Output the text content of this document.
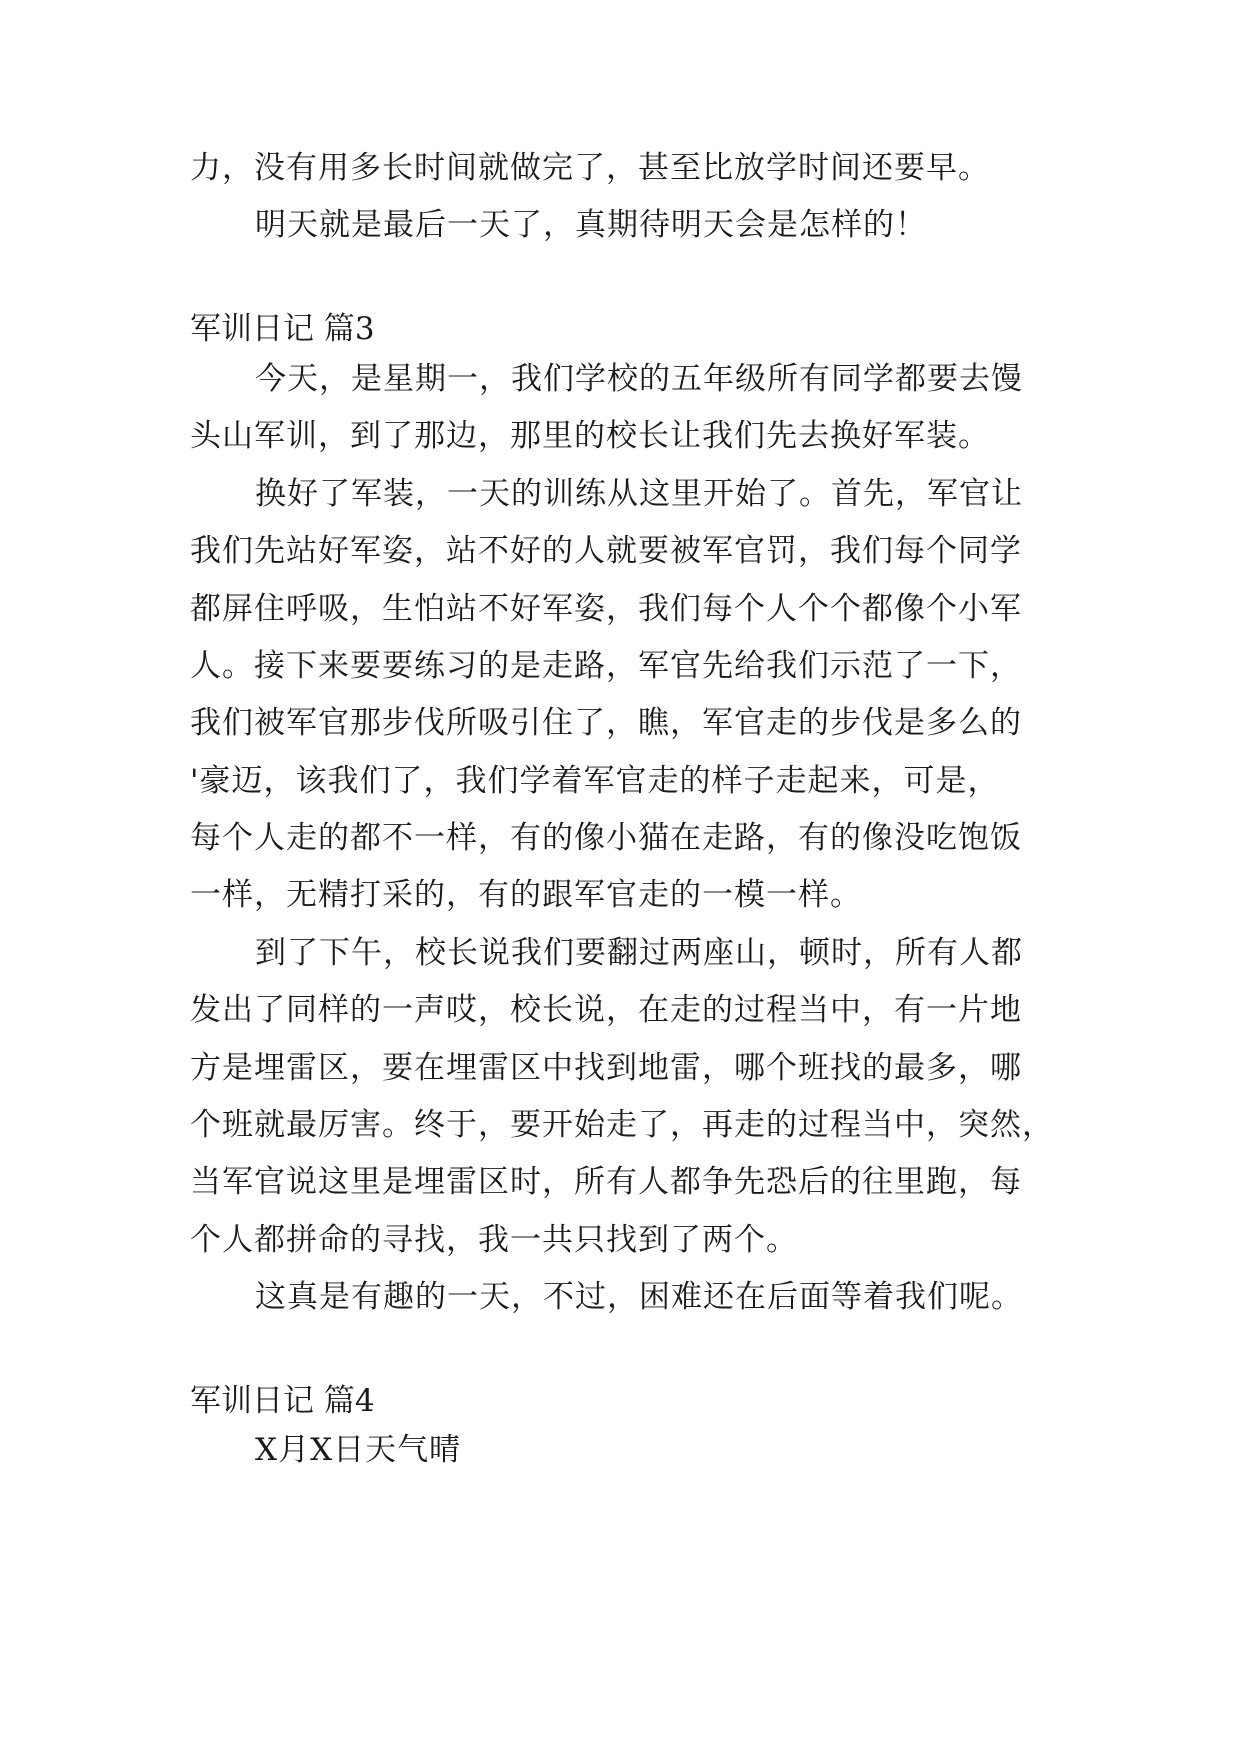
力，没有用多长时间就做完了，甚至比放学时间还要早。
明天就是最后一天了，真期待明天会是怎样的！
军训日记 篇3
今天，是星期一，我们学校的五年级所有同学都要去馒
头山军训，到了那边，那里的校长让我们先去换好军装。
换好了军装，一天的训练从这里开始了。首先，军官让
我们先站好军姿，站不好的人就要被军官罚，我们每个同学
都屏住呼吸，生怕站不好军姿，我们每个人个个都像个小军
人。接下来要要练习的是走路，军官先给我们示范了一下，
我们被军官那步伐所吸引住了，瞧，军官走的步伐是多么的
'豪迈，该我们了，我们学着军官走的样子走起来，可是，
每个人走的都不一样，有的像小猫在走路，有的像没吃饱饭
一样，无精打采的，有的跟军官走的一模一样。
到了下午，校长说我们要翻过两座山，顿时，所有人都
发出了同样的一声哎，校长说，在走的过程当中，有一片地
方是埋雷区，要在埋雷区中找到地雷，哪个班找的最多，哪
个班就最厉害。终于，要开始走了，再走的过程当中，突然，
当军官说这里是埋雷区时，所有人都争先恐后的往里跑，每
个人都拼命的寻找，我一共只找到了两个。
这真是有趣的一天，不过，困难还在后面等着我们呢。
军训日记 篇4
X月X日天气晴
